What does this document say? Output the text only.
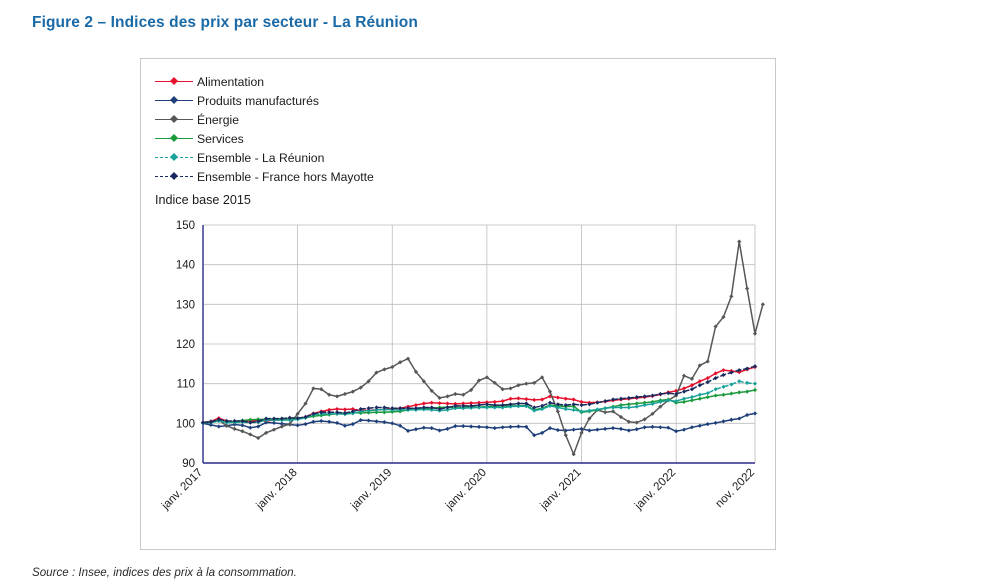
Figure 2 – Indices des prix par secteur - La Réunion
Alimentation
Produits manufacturés
Énergie
Services
Ensemble - La Réunion
Ensemble - France hors Mayotte
Indice base 2015
90
100
110
120
130
140
150
janv. 2017	janv. 2018	janv. 2019	janv. 2020	janv. 2021	janv. 2022	nov. 2022
Source : Insee, indices des prix à la consommation.
